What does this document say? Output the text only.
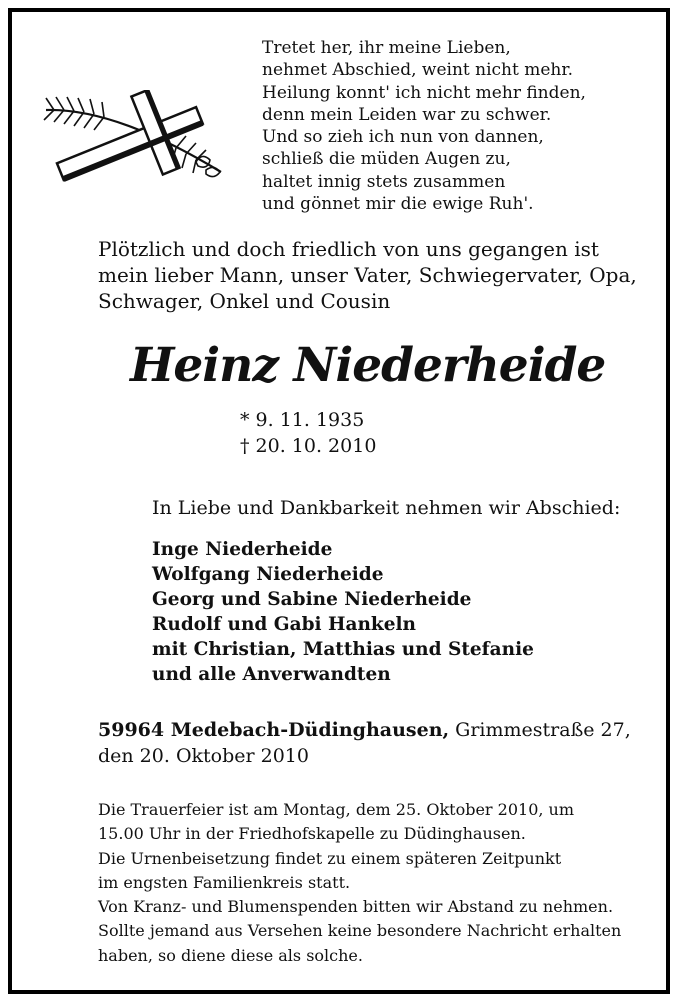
Tretet her, ihr meine Lieben,
nehmet Abschied, weint nicht mehr.
Heilung konnt' ich nicht mehr finden,
denn mein Leiden war zu schwer.
Und so zieh ich nun von dannen,
schließ die müden Augen zu,
haltet innig stets zusammen
und gönnet mir die ewige Ruh'.
Plötzlich und doch friedlich von uns gegangen ist
mein lieber Mann, unser Vater, Schwiegervater, Opa,
Schwager, Onkel und Cousin
Heinz Niederheide
* 9. 11. 1935
† 20. 10. 2010
In Liebe und Dankbarkeit nehmen wir Abschied:
Inge Niederheide
Wolfgang Niederheide
Georg und Sabine Niederheide
Rudolf und Gabi Hankeln
mit Christian, Matthias und Stefanie
und alle Anverwandten
59964 Medebach-Düdinghausen, Grimmestraße 27,
den 20. Oktober 2010
Die Trauerfeier ist am Montag, dem 25. Oktober 2010, um
15.00 Uhr in der Friedhofskapelle zu Düdinghausen.
Die Urnenbeisetzung findet zu einem späteren Zeitpunkt
im engsten Familienkreis statt.
Von Kranz- und Blumenspenden bitten wir Abstand zu nehmen.
Sollte jemand aus Versehen keine besondere Nachricht erhalten
haben, so diene diese als solche.
